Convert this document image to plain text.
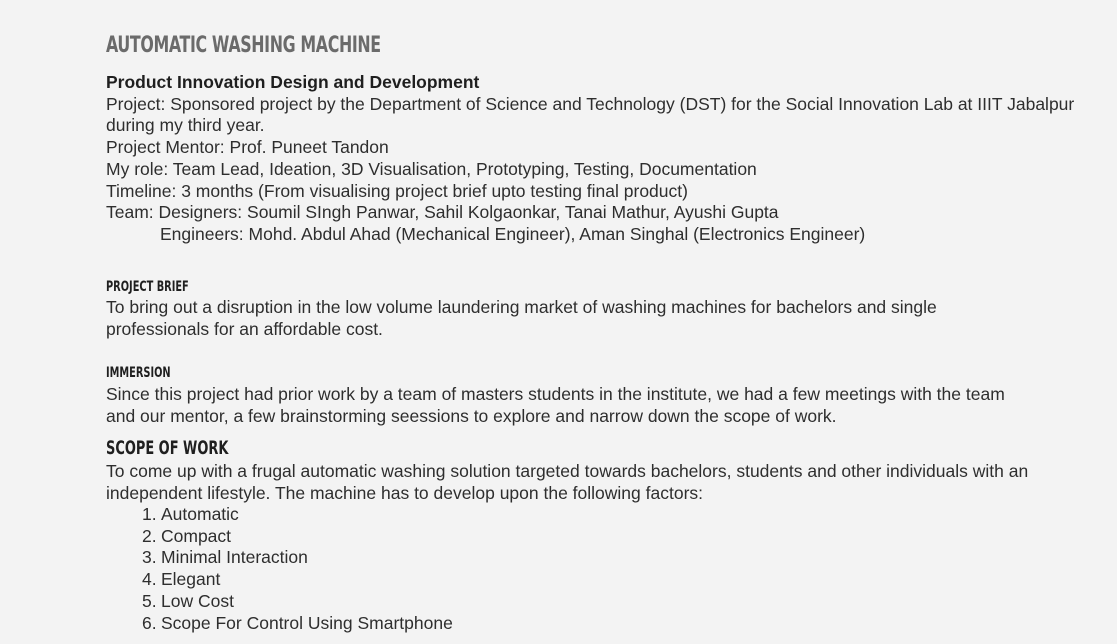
AUTOMATIC WASHING MACHINE
Product Innovation Design and Development
Project: Sponsored project by the Department of Science and Technology (DST) for the Social Innovation Lab at IIIT Jabalpur during my third year.
Project Mentor: Prof. Puneet Tandon
My role: Team Lead, Ideation, 3D Visualisation, Prototyping, Testing, Documentation
Timeline: 3 months (From visualising project brief upto testing final product)
Team: Designers: Soumil SIngh Panwar, Sahil Kolgaonkar, Tanai Mathur, Ayushi Gupta
Engineers: Mohd. Abdul Ahad (Mechanical Engineer), Aman Singhal (Electronics Engineer)
PROJECT BRIEF
To bring out a disruption in the low volume laundering market of washing machines for bachelors and single professionals for an affordable cost.
IMMERSION
Since this project had prior work by a team of masters students in the institute, we had a few meetings with the team and our mentor, a few brainstorming seessions to explore and narrow down the scope of work.
SCOPE OF WORK
To come up with a frugal automatic washing solution targeted towards bachelors, students and other individuals with an independent lifestyle. The machine has to develop upon the following factors:
1. Automatic
2. Compact
3. Minimal Interaction
4. Elegant
5. Low Cost
6. Scope For Control Using Smartphone
